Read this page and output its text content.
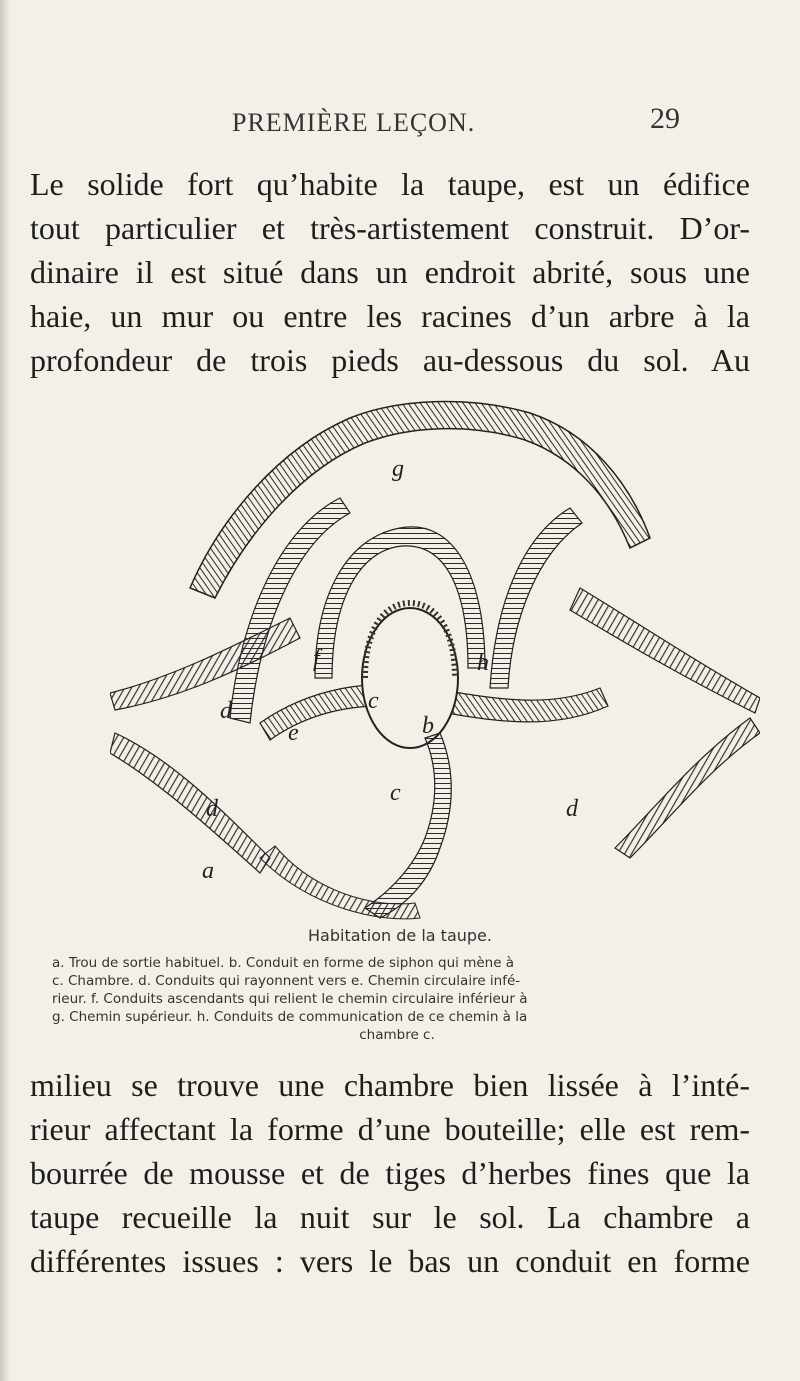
PREMIÈRE LEÇON.	29
Le solide fort qu’habite la taupe, est un édifice
tout particulier et très-artistement construit. D’or-
dinaire il est situé dans un endroit abrité, sous une
haie, un mur ou entre les racines d’un arbre à la
profondeur de trois pieds au-dessous du sol. Au
g
f	h
c
e
d
d
c
d
b
a
Habitation de la taupe.
a. Trou de sortie habituel. b. Conduit en forme de siphon qui mène à
c. Chambre. d. Conduits qui rayonnent vers e. Chemin circulaire infé-
rieur. f. Conduits ascendants qui relient le chemin circulaire inférieur à
g. Chemin supérieur. h. Conduits de communication de ce chemin à la
chambre c.
milieu se trouve une chambre bien lissée à l’inté-
rieur affectant la forme d’une bouteille; elle est rem-
bourrée de mousse et de tiges d’herbes fines que la
taupe recueille la nuit sur le sol. La chambre a
différentes issues : vers le bas un conduit en forme
